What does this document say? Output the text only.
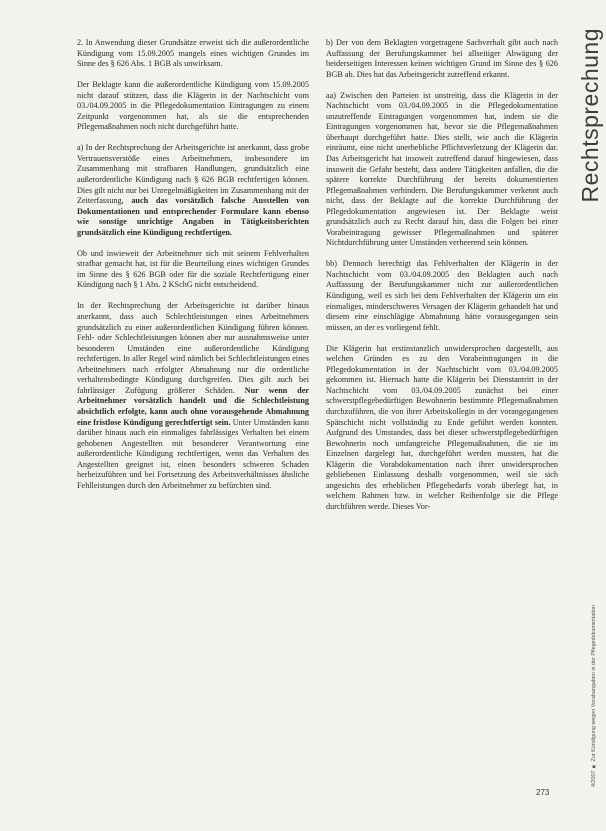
Rechtsprechung

2. In Anwendung dieser Grundsätze erweist sich die außerordentliche Kündigung vom 15.09.2005 mangels eines wichtigen Grundes im Sinne des § 626 Abs. 1 BGB als unwirksam.

Der Beklagte kann die außerordentliche Kündigung vom 15.09.2005 nicht darauf stützen, dass die Klägerin in der Nachtschicht vom 03./04.09.2005 in die Pflegedokumentation Eintragungen zu einem Zeitpunkt vorgenommen hat, als sie die entsprechenden Pflegemaßnahmen noch nicht durchgeführt hatte.

a) In der Rechtsprechung der Arbeitsgerichte ist anerkannt, dass grobe Vertrauensverstöße eines Arbeitnehmers, insbesondere im Zusammenhang mit strafbaren Handlungen, grundsätzlich eine außerordentliche Kündigung nach § 626 BGB rechtfertigen können. Dies gilt nicht nur bei Unregelmäßigkeiten im Zusammenhang mit der Zeiterfassung, auch das vorsätzlich falsche Ausstellen von Dokumentationen und entsprechender Formulare kann ebenso wie sonstige unrichtige Angaben in Tätigkeitsberichten grundsätzlich eine Kündigung rechtfertigen.

Ob und inwieweit der Arbeitnehmer sich mit seinem Fehlverhalten strafbar gemacht hat, ist für die Beurteilung eines wichtigen Grundes im Sinne des § 626 BGB oder für die soziale Rechtfertigung einer Kündigung nach § 1 Abs. 2 KSchG nicht entscheidend.

In der Rechtsprechung der Arbeitsgerichte ist darüber hinaus anerkannt, dass auch Schlechtleistungen eines Arbeitnehmers grundsätzlich zu einer außerordentlichen Kündigung führen können. Fehl- oder Schlechtleistungen können aber nur ausnahmsweise unter besonderen Umständen eine außerordentliche Kündigung rechtfertigen. In aller Regel wird nämlich bei Schlechtleistungen eines Arbeitnehmers nach erfolgter Abmahnung nur die ordentliche verhaltensbedingte Kündigung durchgreifen. Dies gilt auch bei fahrlässiger Zufügung größerer Schäden. Nur wenn der Arbeitnehmer vorsätzlich handelt und die Schlechtleistung absichtlich erfolgte, kann auch ohne vorausgehende Abmahnung eine fristlose Kündigung gerechtfertigt sein. Unter Umständen kann darüber hinaus auch ein einmaliges fahrlässiges Verhalten bei einem gehobenen Angestellten mit besonderer Verantwortung eine außerordentliche Kündigung rechtfertigen, wenn das Verhalten des Angestellten geeignet ist, einen besonders schweren Schaden herbeizuführen und bei Fortsetzung des Arbeitsverhältnisses ähnliche Fehlleistungen durch den Arbeitnehmer zu befürchten sind.

b) Der von dem Beklagten vorgetragene Sachverhalt gibt auch nach Auffassung der Berufungskammer bei allseitiger Abwägung der beiderseitigen Interessen keinen wichtigen Grund im Sinne des § 626 BGB ab. Dies hat das Arbeitsgericht zutreffend erkannt.

aa) Zwischen den Parteien ist unstreitig, dass die Klägerin in der Nachtschicht vom 03./04.09.2005 in die Pflegedokumentation unzutreffende Eintragungen vorgenommen hat, indem sie die Eintragungen vorgenommen hat, bevor sie die Pflegemaßnahmen überhaupt durchgeführt hatte. Dies stellt, wie auch die Klägerin einräumt, eine nicht unerhebliche Pflichtverletzung der Klägerin dar. Das Arbeitsgericht hat insoweit zutreffend darauf hingewiesen, dass insoweit die Gefahr besteht, dass andere Tätigkeiten anfallen, die die spätere korrekte Durchführung der bereits dokumentierten Pflegemaßnahmen verhindern. Die Berufungskammer verkennt auch nicht, dass der Beklagte auf die korrekte Durchführung der Pflegedokumentation angewiesen ist. Der Beklagte weist grundsätzlich auch zu Recht darauf hin, dass die Folgen bei einer Vorabeintragung gewisser Pflegemaßnahmen und späterer Nichtdurchführung unter Umständen verheerend sein können.

bb) Dennoch berechtigt das Fehlverhalten der Klägerin in der Nachtschicht vom 03./04.09.2005 den Beklagten auch nach Auffassung der Berufungskammer nicht zur außerordentlichen Kündigung, weil es sich bei dem Fehlverhalten der Klägerin um ein einmaliges, minderschweres Versagen der Klägerin gehandelt hat und diesem eine einschlägige Abmahnung hätte vorausgegangen sein müssen, an der es vorliegend fehlt.

Die Klägerin hat erstinstanzlich unwidersprochen dargestellt, aus welchen Gründen es zu den Vorabeintragungen in die Pflegedokumentation in der Nachtschicht vom 03./04.09.2005 gekommen ist. Hiernach hatte die Klägerin bei Dienstantritt in der Nachtschicht vom 03./04.09.2005 zunächst bei einer schwerstpflegebedürftigen Bewohnerin bestimmte Pflegemaßnahmen durchzuführen, die von ihrer Arbeitskollegin in der vorangegangenen Spätschicht nicht vollständig zu Ende geführt werden konnten. Aufgrund des Umstandes, dass bei dieser schwerstpflegebedürftigen Bewohnerin noch umfangreiche Pflegemaßnahmen, die sie im Einzelnen dargelegt hat, durchgeführt werden mussten, hat die Klägerin die Vorabdokumentation nach ihrer unwidersprochen gebliebenen Einlassung deshalb vorgenommen, weil sie sich angesichts des erheblichen Pflegebedarfs vorab überlegt hat, in welchem Rahmen bzw. in welcher Reihenfolge sie die Pflege durchführen werde. Dieses Vor-

4/2007 ■ Zur Kündigung wegen Vorabangaben in der Pflegedokumentation
273
